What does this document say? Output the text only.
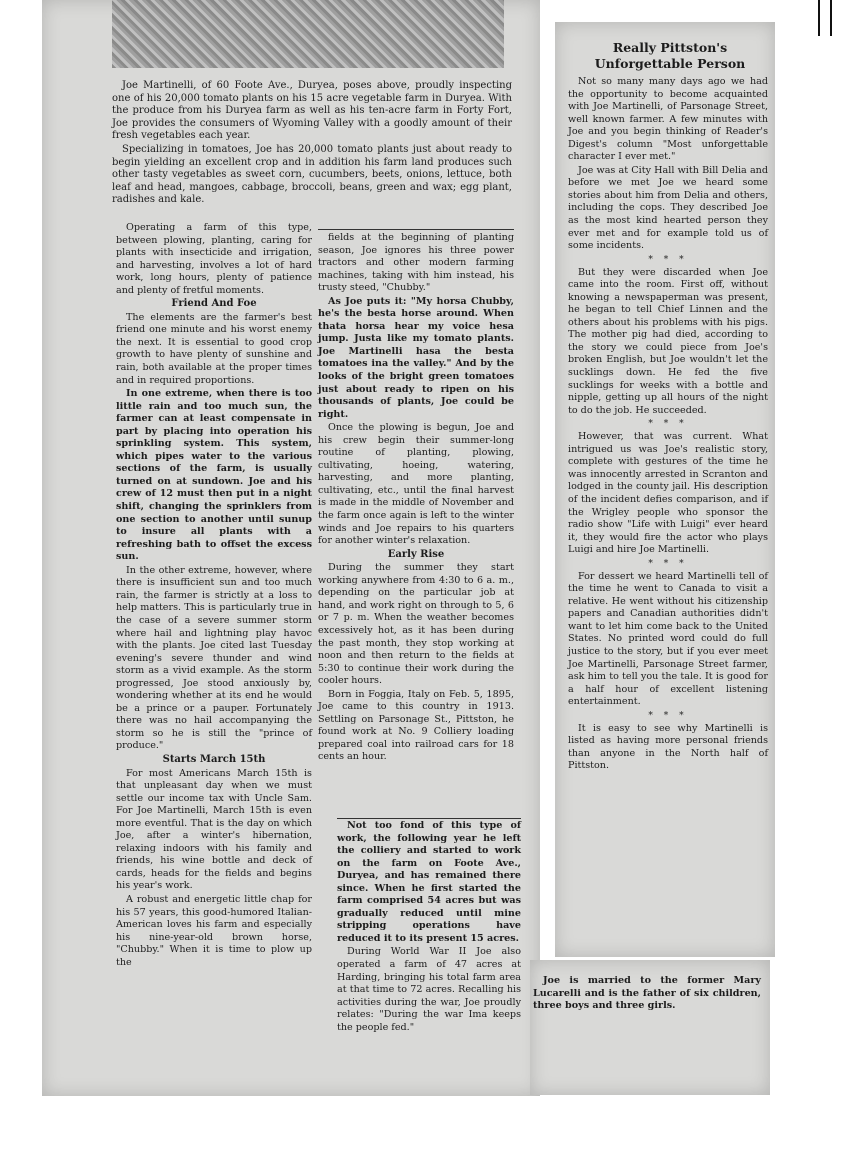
Joe Martinelli, of 60 Foote Ave., Duryea, poses above, proudly inspecting one of his 20,000 tomato plants on his 15 acre vegetable farm in Duryea. With the produce from his Duryea farm as well as his ten-acre farm in Forty Fort, Joe provides the consumers of Wyoming Valley with a goodly amount of their fresh vegetables each year.

Specializing in tomatoes, Joe has 20,000 tomato plants just about ready to begin yielding an excellent crop and in addition his farm land produces such other tasty vegetables as sweet corn, cucumbers, beets, onions, lettuce, both leaf and head, mangoes, cabbage, broccoli, beans, green and wax; egg plant, radishes and kale.

Operating a farm of this type, between plowing, planting, caring for plants with insecticide and irrigation, and harvesting, involves a lot of hard work, long hours, plenty of patience and plenty of fretful moments.

Friend And Foe

The elements are the farmer's best friend one minute and his worst enemy the next. It is essential to good crop growth to have plenty of sunshine and rain, both available at the proper times and in required proportions.

In one extreme, when there is too little rain and too much sun, the farmer can at least compensate in part by placing into operation his sprinkling system. This system, which pipes water to the various sections of the farm, is usually turned on at sundown. Joe and his crew of 12 must then put in a night shift, changing the sprinklers from one section to another until sunup to insure all plants with a refreshing bath to offset the excess sun.

In the other extreme, however, where there is insufficient sun and too much rain, the farmer is strictly at a loss to help matters. This is particularly true in the case of a severe summer storm where hail and lightning play havoc with the plants. Joe cited last Tuesday evening's severe thunder and wind storm as a vivid example. As the storm progressed, Joe stood anxiously by, wondering whether at its end he would be a prince or a pauper. Fortunately there was no hail accompanying the storm so he is still the "prince of produce."

Starts March 15th

For most Americans March 15th is that unpleasant day when we must settle our income tax with Uncle Sam. For Joe Martinelli, March 15th is even more eventful. That is the day on which Joe, after a winter's hibernation, relaxing indoors with his family and friends, his wine bottle and deck of cards, heads for the fields and begins his year's work.

A robust and energetic little chap for his 57 years, this good-humored Italian-American loves his farm and especially his nine-year-old brown horse, "Chubby." When it is time to plow up the

fields at the beginning of planting season, Joe ignores his three power tractors and other modern farming machines, taking with him instead, his trusty steed, "Chubby."

As Joe puts it: "My horsa Chubby, he's the besta horse around. When thata horsa hear my voice hesa jump. Justa like my tomato plants. Joe Martinelli hasa the besta tomatoes ina the valley." And by the looks of the bright green tomatoes just about ready to ripen on his thousands of plants, Joe could be right.

Once the plowing is begun, Joe and his crew begin their summer-long routine of planting, plowing, cultivating, hoeing, watering, harvesting, and more planting, cultivating, etc., until the final harvest is made in the middle of November and the farm once again is left to the winter winds and Joe repairs to his quarters for another winter's relaxation.

Early Rise

During the summer they start working anywhere from 4:30 to 6 a. m., depending on the particular job at hand, and work right on through to 5, 6 or 7 p. m. When the weather becomes excessively hot, as it has been during the past month, they stop working at noon and then return to the fields at 5:30 to continue their work during the cooler hours.

Born in Foggia, Italy on Feb. 5, 1895, Joe came to this country in 1913. Settling on Parsonage St., Pittston, he found work at No. 9 Colliery loading prepared coal into railroad cars for 18 cents an hour.

Not too fond of this type of work, the following year he left the colliery and started to work on the farm on Foote Ave., Duryea, and has remained there since. When he first started the farm comprised 54 acres but was gradually reduced until mine stripping operations have reduced it to its present 15 acres.

During World War II Joe also operated a farm of 47 acres at Harding, bringing his total farm area at that time to 72 acres. Recalling his activities during the war, Joe proudly relates: "During the war Ima keeps the people fed."

Joe is married to the former Mary Lucarelli and is the father of six children, three boys and three girls.

Really Pittston's
Unforgettable Person

Not so many many days ago we had the opportunity to become acquainted with Joe Martinelli, of Parsonage Street, well known farmer. A few minutes with Joe and you begin thinking of Reader's Digest's column "Most unforgettable character I ever met."

Joe was at City Hall with Bill Delia and before we met Joe we heard some stories about him from Delia and others, including the cops. They described Joe as the most kind hearted person they ever met and for example told us of some incidents.

* * *

But they were discarded when Joe came into the room. First off, without knowing a newspaperman was present, he began to tell Chief Linnen and the others about his problems with his pigs. The mother pig had died, according to the story we could piece from Joe's broken English, but Joe wouldn't let the sucklings down. He fed the five sucklings for weeks with a bottle and nipple, getting up all hours of the night to do the job. He succeeded.

* * *

However, that was current. What intrigued us was Joe's realistic story, complete with gestures of the time he was innocently arrested in Scranton and lodged in the county jail. His description of the incident defies comparison, and if the Wrigley people who sponsor the radio show "Life with Luigi" ever heard it, they would fire the actor who plays Luigi and hire Joe Martinelli.

* * *

For dessert we heard Martinelli tell of the time he went to Canada to visit a relative. He went without his citizenship papers and Canadian authorities didn't want to let him come back to the United States. No printed word could do full justice to the story, but if you ever meet Joe Martinelli, Parsonage Street farmer, ask him to tell you the tale. It is good for a half hour of excellent listening entertainment.

* * *

It is easy to see why Martinelli is listed as having more personal friends than anyone in the North half of Pittston.
